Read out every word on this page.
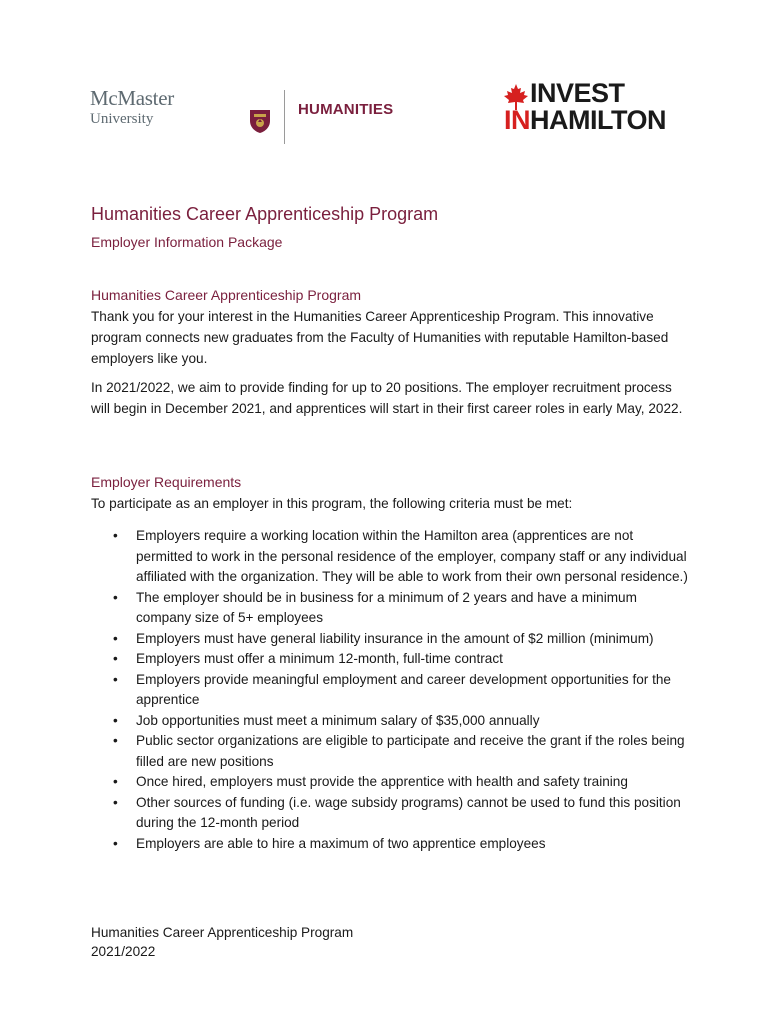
McMaster
University
HUMANITIES
INVEST
INHAMILTON
Humanities Career Apprenticeship Program
Employer Information Package
Humanities Career Apprenticeship Program
Thank you for your interest in the Humanities Career Apprenticeship Program. This innovative program connects new graduates from the Faculty of Humanities with reputable Hamilton-based employers like you.
In 2021/2022, we aim to provide finding for up to 20 positions. The employer recruitment process will begin in December 2021, and apprentices will start in their first career roles in early May, 2022.
Employer Requirements
To participate as an employer in this program, the following criteria must be met:
• Employers require a working location within the Hamilton area (apprentices are not permitted to work in the personal residence of the employer, company staff or any individual affiliated with the organization. They will be able to work from their own personal residence.)
• The employer should be in business for a minimum of 2 years and have a minimum company size of 5+ employees
• Employers must have general liability insurance in the amount of $2 million (minimum)
• Employers must offer a minimum 12-month, full-time contract
• Employers provide meaningful employment and career development opportunities for the apprentice
• Job opportunities must meet a minimum salary of $35,000 annually
• Public sector organizations are eligible to participate and receive the grant if the roles being filled are new positions
• Once hired, employers must provide the apprentice with health and safety training
• Other sources of funding (i.e. wage subsidy programs) cannot be used to fund this position during the 12-month period
• Employers are able to hire a maximum of two apprentice employees
Humanities Career Apprenticeship Program
2021/2022
